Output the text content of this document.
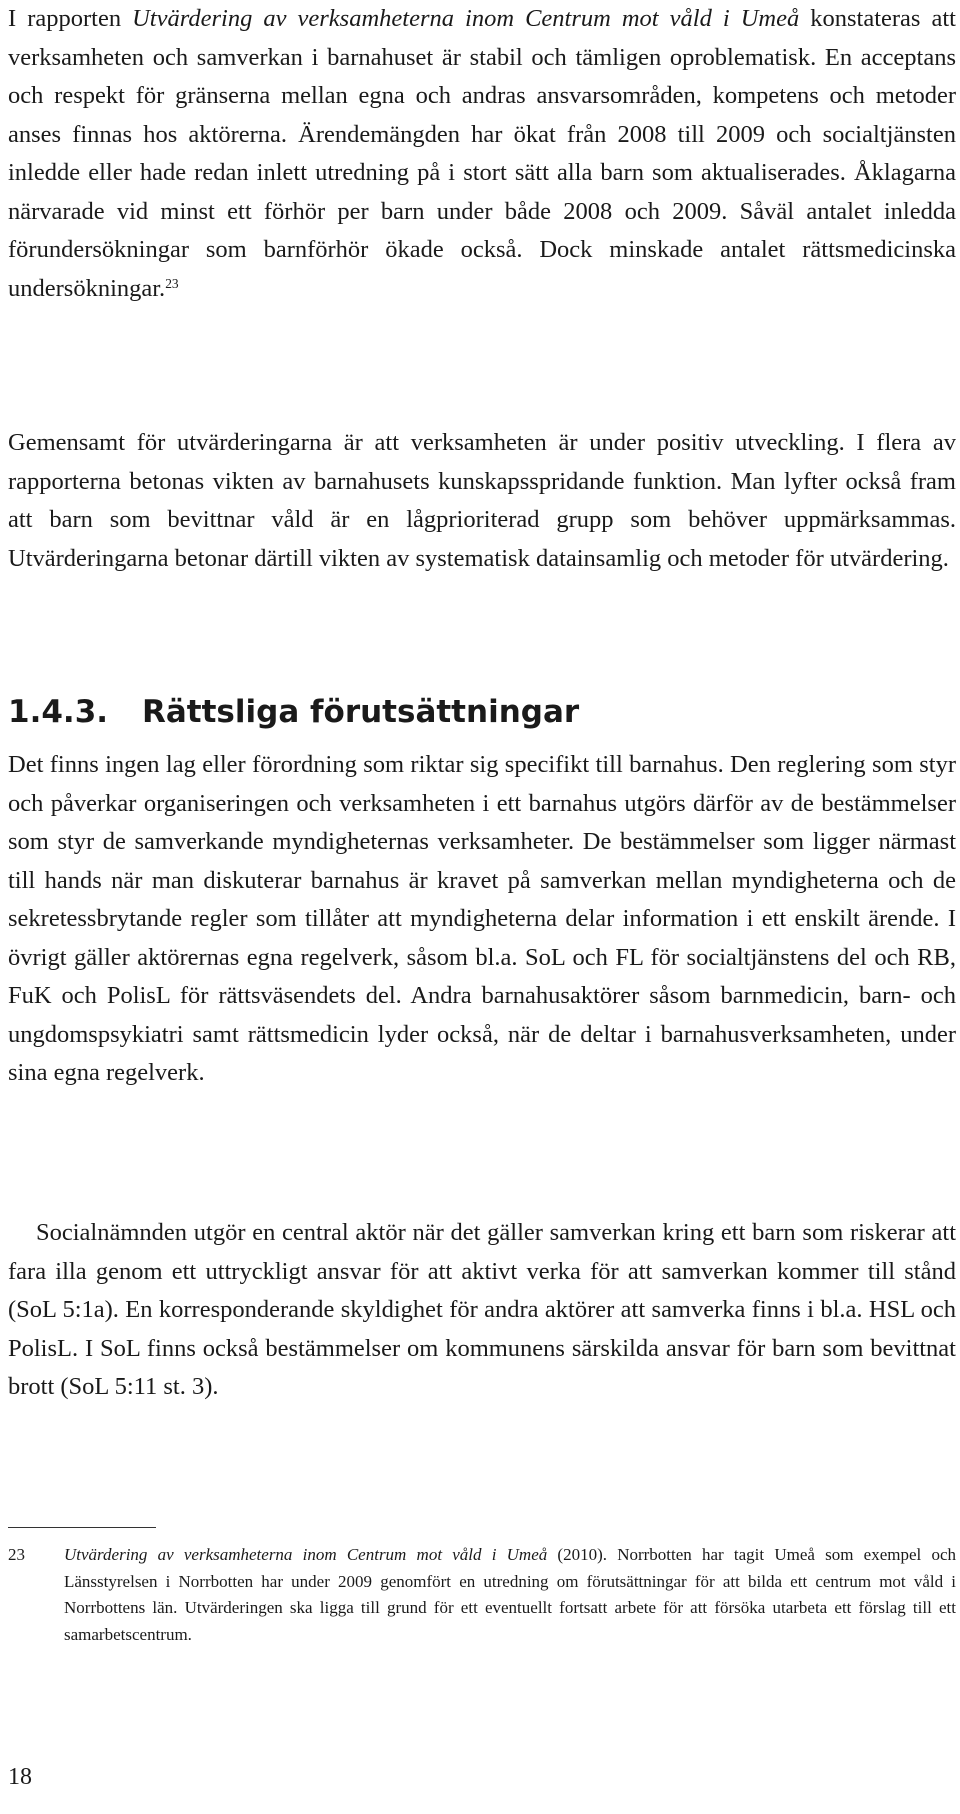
I rapporten Utvärdering av verksamheterna inom Centrum mot våld i Umeå konstateras att verksamheten och samverkan i barnahuset är stabil och tämligen oproblematisk. En acceptans och respekt för gränserna mellan egna och andras ansvarsområden, kompetens och metoder anses finnas hos aktörerna. Ärendemängden har ökat från 2008 till 2009 och socialtjänsten inledde eller hade redan inlett utredning på i stort sätt alla barn som aktualiserades. Åklagarna närvarade vid minst ett förhör per barn under både 2008 och 2009. Såväl antalet inledda förundersökningar som barnförhör ökade också. Dock minskade antalet rättsmedicinska undersökningar.$^{23}$

Gemensamt för utvärderingarna är att verksamheten är under positiv utveckling. I flera av rapporterna betonas vikten av barnahusets kunskapsspridande funktion. Man lyfter också fram att barn som bevittnar våld är en lågprioriterad grupp som behöver uppmärksammas. Utvärderingarna betonar därtill vikten av systematisk datainsamlig och metoder för utvärdering.

1.4.3. Rättsliga förutsättningar

Det finns ingen lag eller förordning som riktar sig specifikt till barnahus. Den reglering som styr och påverkar organiseringen och verksamheten i ett barnahus utgörs därför av de bestämmelser som styr de samverkande myndigheternas verksamheter. De bestämmelser som ligger närmast till hands när man diskuterar barnahus är kravet på samverkan mellan myndigheterna och de sekretessbrytande regler som tillåter att myndigheterna delar information i ett enskilt ärende. I övrigt gäller aktörernas egna regelverk, såsom bl.a. SoL och FL för socialtjänstens del och RB, FuK och PolisL för rättsväsendets del. Andra barnahusaktörer såsom barnmedicin, barn- och ungdomspsykiatri samt rättsmedicin lyder också, när de deltar i barnahusverksamheten, under sina egna regelverk.

Socialnämnden utgör en central aktör när det gäller samverkan kring ett barn som riskerar att fara illa genom ett uttryckligt ansvar för att aktivt verka för att samverkan kommer till stånd (SoL 5:1a). En korresponderande skyldighet för andra aktörer att samverka finns i bl.a. HSL och PolisL. I SoL finns också bestämmelser om kommunens särskilda ansvar för barn som bevittnat brott (SoL 5:11 st. 3).

23 Utvärdering av verksamheterna inom Centrum mot våld i Umeå (2010). Norrbotten har tagit Umeå som exempel och Länsstyrelsen i Norrbotten har under 2009 genomfört en utredning om förutsättningar för att bilda ett centrum mot våld i Norrbottens län. Utvärderingen ska ligga till grund för ett eventuellt fortsatt arbete för att försöka utarbeta ett förslag till ett samarbetscentrum.

18
